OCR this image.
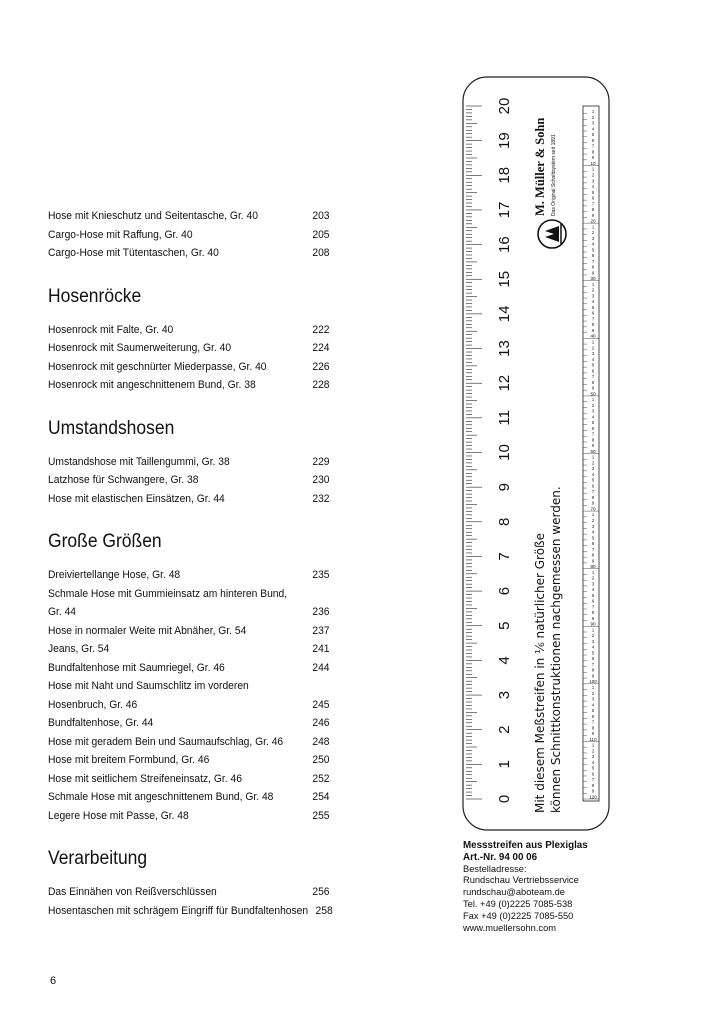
Hose mit Knieschutz und Seitentasche, Gr. 40	203
Cargo-Hose mit Raffung, Gr. 40	205
Cargo-Hose mit Tütentaschen, Gr. 40	208
Hosenröcke
Hosenrock mit Falte, Gr. 40	222
Hosenrock mit Saumerweiterung, Gr. 40	224
Hosenrock mit geschnürter Miederpasse, Gr. 40	226
Hosenrock mit angeschnittenem Bund, Gr. 38	228
Umstandshosen
Umstandshose mit Taillengummi, Gr. 38	229
Latzhose für Schwangere, Gr. 38	230
Hose mit elastischen Einsätzen, Gr. 44	232
Große Größen
Dreiviertellange Hose, Gr. 48	235
Schmale Hose mit Gummieinsatz am hinteren Bund, Gr. 44	236
Hose in normaler Weite mit Abnäher, Gr. 54	237
Jeans, Gr. 54	241
Bundfaltenhose mit Saumriegel, Gr. 46	244
Hose mit Naht und Saumschlitz im vorderen Hosenbruch, Gr. 46	245
Bundfaltenhose, Gr. 44	246
Hose mit geradem Bein und Saumaufschlag, Gr. 46	248
Hose mit breitem Formbund, Gr. 46	250
Hose mit seitlichem Streifeneinsatz, Gr. 46	252
Schmale Hose mit angeschnittenem Bund, Gr. 48	254
Legere Hose mit Passe, Gr. 48	255
Verarbeitung
Das Einnähen von Reißverschlüssen	256
Hosentaschen mit schrägem Eingriff für Bundfaltenhosen 258
6
0
1
2
3
4
5
6
7
8
9
10
11
12
13
14
15
16
17
18
19
20	1
2
3
4
5
6
7
8
9
10
1
2
3
4
5
6
7
8
9
20
1
2
3
4
5
6
7
8
9
30
1
2
3
4
5
6
7
8
9
40
1
2
3
4
5
6
7
8
9
50
1
2
3
4
5
6
7
8
9
60
1
2
3
4
5
6
7
8
9
70
1
2
3
4
5
6
7
8
9
80
1
2
3
4
5
6
7
8
9
90
1
2
3
4
5
6
7
8
9
100
1
2
3
4
5
6
7
8
9
110
1
2
3
4
5
6
7
8
9
120
M. Müller & Sohn Das Original Schnittsystem seit 1891
Mit diesem Meßstreifen in ⅙ natürlicher Größe können Schnittkonstruktionen nachgemessen werden.
Messstreifen aus Plexiglas
Art.-Nr. 94 00 06
Bestelladresse:
Rundschau Vertriebsservice
rundschau@aboteam.de
Tel. +49 (0)2225 7085-538
Fax +49 (0)2225 7085-550
www.muellersohn.com
